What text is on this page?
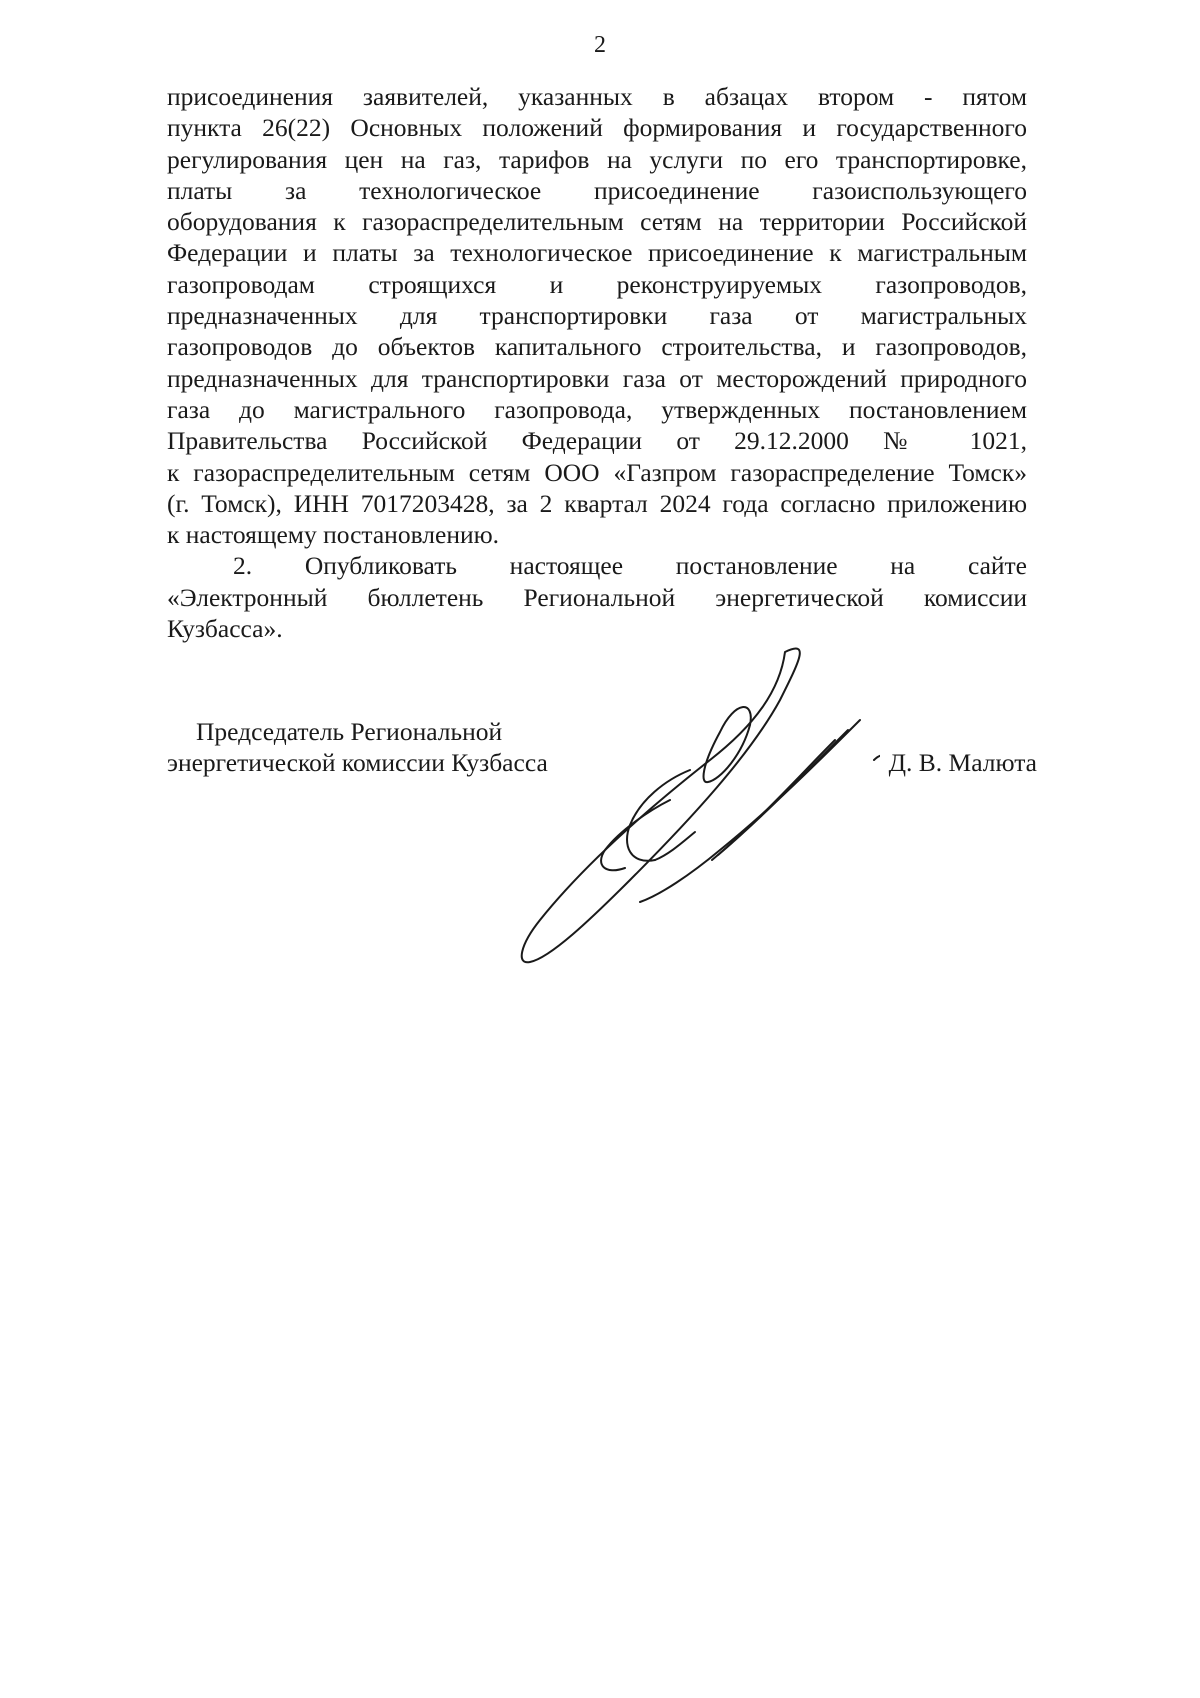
2

присоединения заявителей, указанных в абзацах втором - пятом
пункта 26(22) Основных положений формирования и государственного
регулирования цен на газ, тарифов на услуги по его транспортировке,
платы за технологическое присоединение газоиспользующего
оборудования к газораспределительным сетям на территории Российской
Федерации и платы за технологическое присоединение к магистральным
газопроводам строящихся и реконструируемых газопроводов,
предназначенных для транспортировки газа от магистральных
газопроводов до объектов капитального строительства, и газопроводов,
предназначенных для транспортировки газа от месторождений природного
газа до магистрального газопровода, утвержденных постановлением
Правительства Российской Федерации от 29.12.2000 № 1021,
к газораспределительным сетям ООО «Газпром газораспределение Томск»
(г. Томск), ИНН 7017203428, за 2 квартал 2024 года согласно приложению
к настоящему постановлению.

2. Опубликовать настоящее постановление на сайте
«Электронный бюллетень Региональной энергетической комиссии
Кузбасса».

Председатель Региональной
энергетической комиссии Кузбасса	Д. В. Малюта
